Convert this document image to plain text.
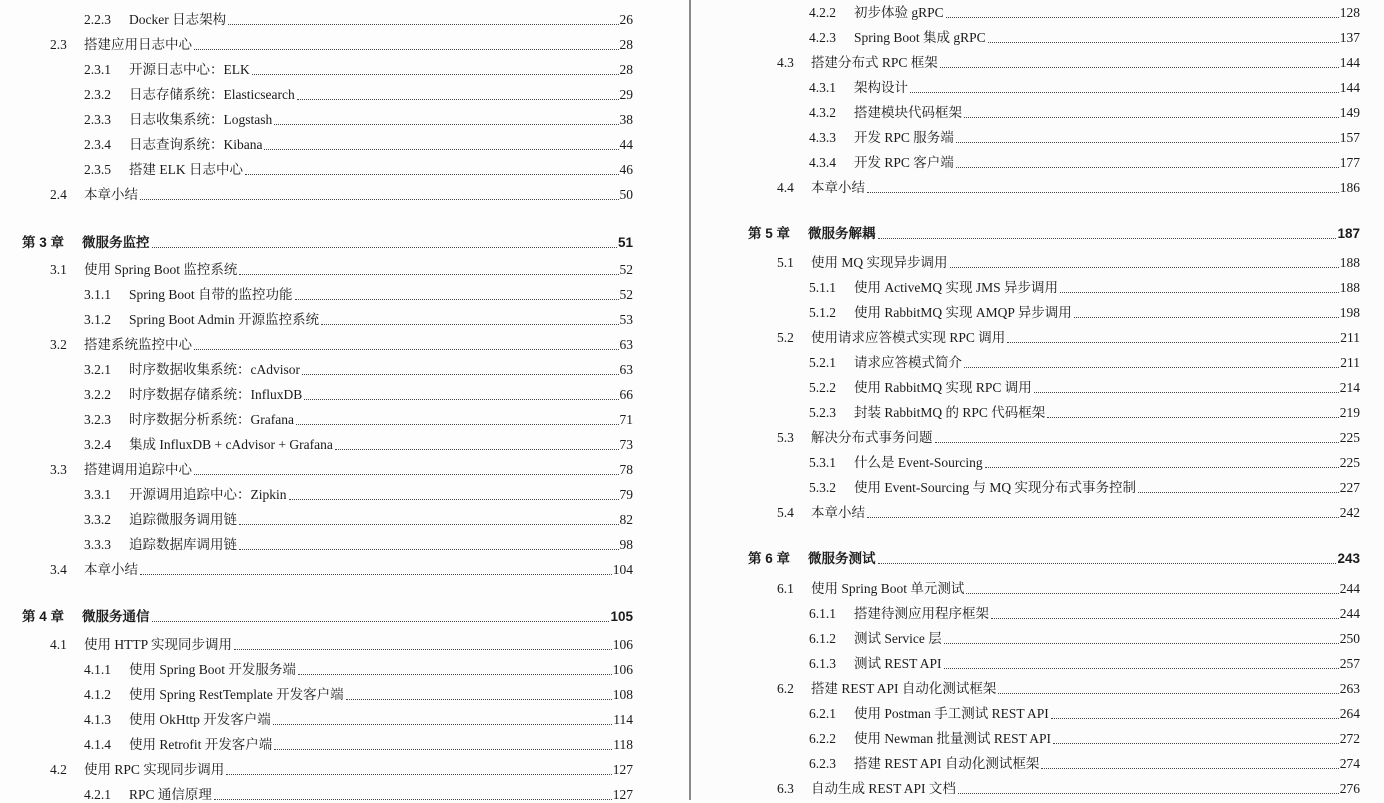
2.2.3	Docker 日志架构	26
2.3	搭建应用日志中心	28
2.3.1	开源日志中心：ELK	28
2.3.2	日志存储系统：Elasticsearch	29
2.3.3	日志收集系统：Logstash	38
2.3.4	日志查询系统：Kibana	44
2.3.5	搭建 ELK 日志中心	46
2.4	本章小结	50
第 3 章	微服务监控	51
3.1	使用 Spring Boot 监控系统	52
3.1.1	Spring Boot 自带的监控功能	52
3.1.2	Spring Boot Admin 开源监控系统	53
3.2	搭建系统监控中心	63
3.2.1	时序数据收集系统：cAdvisor	63
3.2.2	时序数据存储系统：InfluxDB	66
3.2.3	时序数据分析系统：Grafana	71
3.2.4	集成 InfluxDB + cAdvisor + Grafana	73
3.3	搭建调用追踪中心	78
3.3.1	开源调用追踪中心：Zipkin	79
3.3.2	追踪微服务调用链	82
3.3.3	追踪数据库调用链	98
3.4	本章小结	104
第 4 章	微服务通信	105
4.1	使用 HTTP 实现同步调用	106
4.1.1	使用 Spring Boot 开发服务端	106
4.1.2	使用 Spring RestTemplate 开发客户端	108
4.1.3	使用 OkHttp 开发客户端	114
4.1.4	使用 Retrofit 开发客户端	118
4.2	使用 RPC 实现同步调用	127
4.2.1	RPC 通信原理	127
4.2.2	初步体验 gRPC	128
4.2.3	Spring Boot 集成 gRPC	137
4.3	搭建分布式 RPC 框架	144
4.3.1	架构设计	144
4.3.2	搭建模块代码框架	149
4.3.3	开发 RPC 服务端	157
4.3.4	开发 RPC 客户端	177
4.4	本章小结	186
第 5 章	微服务解耦	187
5.1	使用 MQ 实现异步调用	188
5.1.1	使用 ActiveMQ 实现 JMS 异步调用	188
5.1.2	使用 RabbitMQ 实现 AMQP 异步调用	198
5.2	使用请求应答模式实现 RPC 调用	211
5.2.1	请求应答模式简介	211
5.2.2	使用 RabbitMQ 实现 RPC 调用	214
5.2.3	封装 RabbitMQ 的 RPC 代码框架	219
5.3	解决分布式事务问题	225
5.3.1	什么是 Event-Sourcing	225
5.3.2	使用 Event-Sourcing 与 MQ 实现分布式事务控制	227
5.4	本章小结	242
第 6 章	微服务测试	243
6.1	使用 Spring Boot 单元测试	244
6.1.1	搭建待测应用程序框架	244
6.1.2	测试 Service 层	250
6.1.3	测试 REST API	257
6.2	搭建 REST API 自动化测试框架	263
6.2.1	使用 Postman 手工测试 REST API	264
6.2.2	使用 Newman 批量测试 REST API	272
6.2.3	搭建 REST API 自动化测试框架	274
6.3	自动生成 REST API 文档	276
